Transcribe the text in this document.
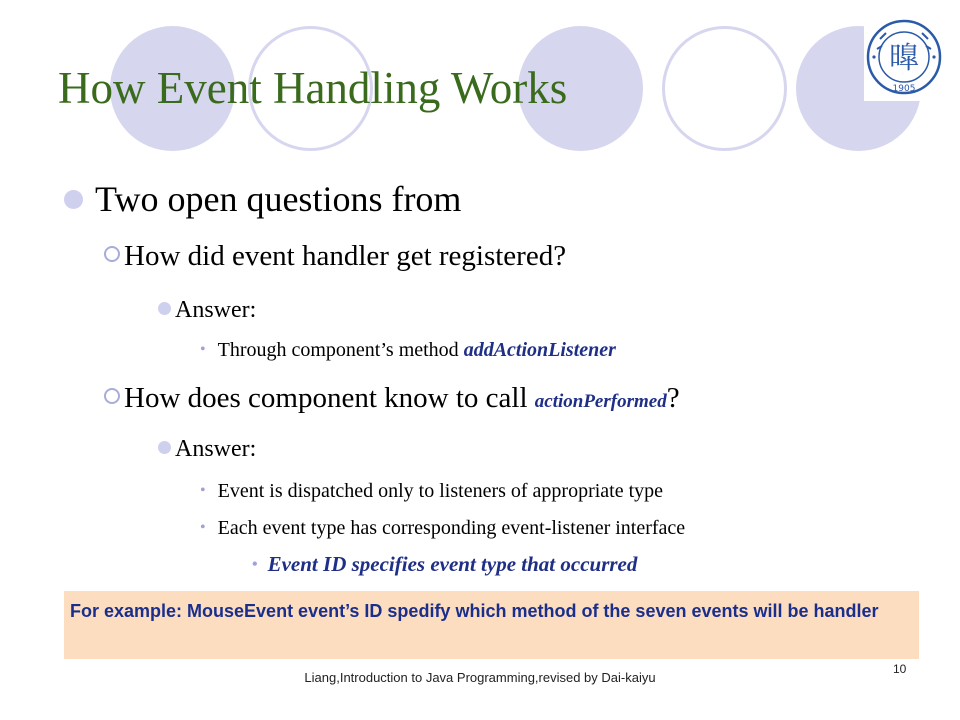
曍
1905
How Event Handling Works
Two open questions from
How did event handler get registered?
Answer:
• Through component’s method addActionListener
How does component know to call actionPerformed?
Answer:
• Event is dispatched only to listeners of appropriate type
• Each event type has corresponding event-listener interface
• Event ID specifies event type that occurred
For example: MouseEvent event’s ID spedify which method of the seven events will be handler
Liang,Introduction to Java Programming,revised by Dai-kaiyu
10
